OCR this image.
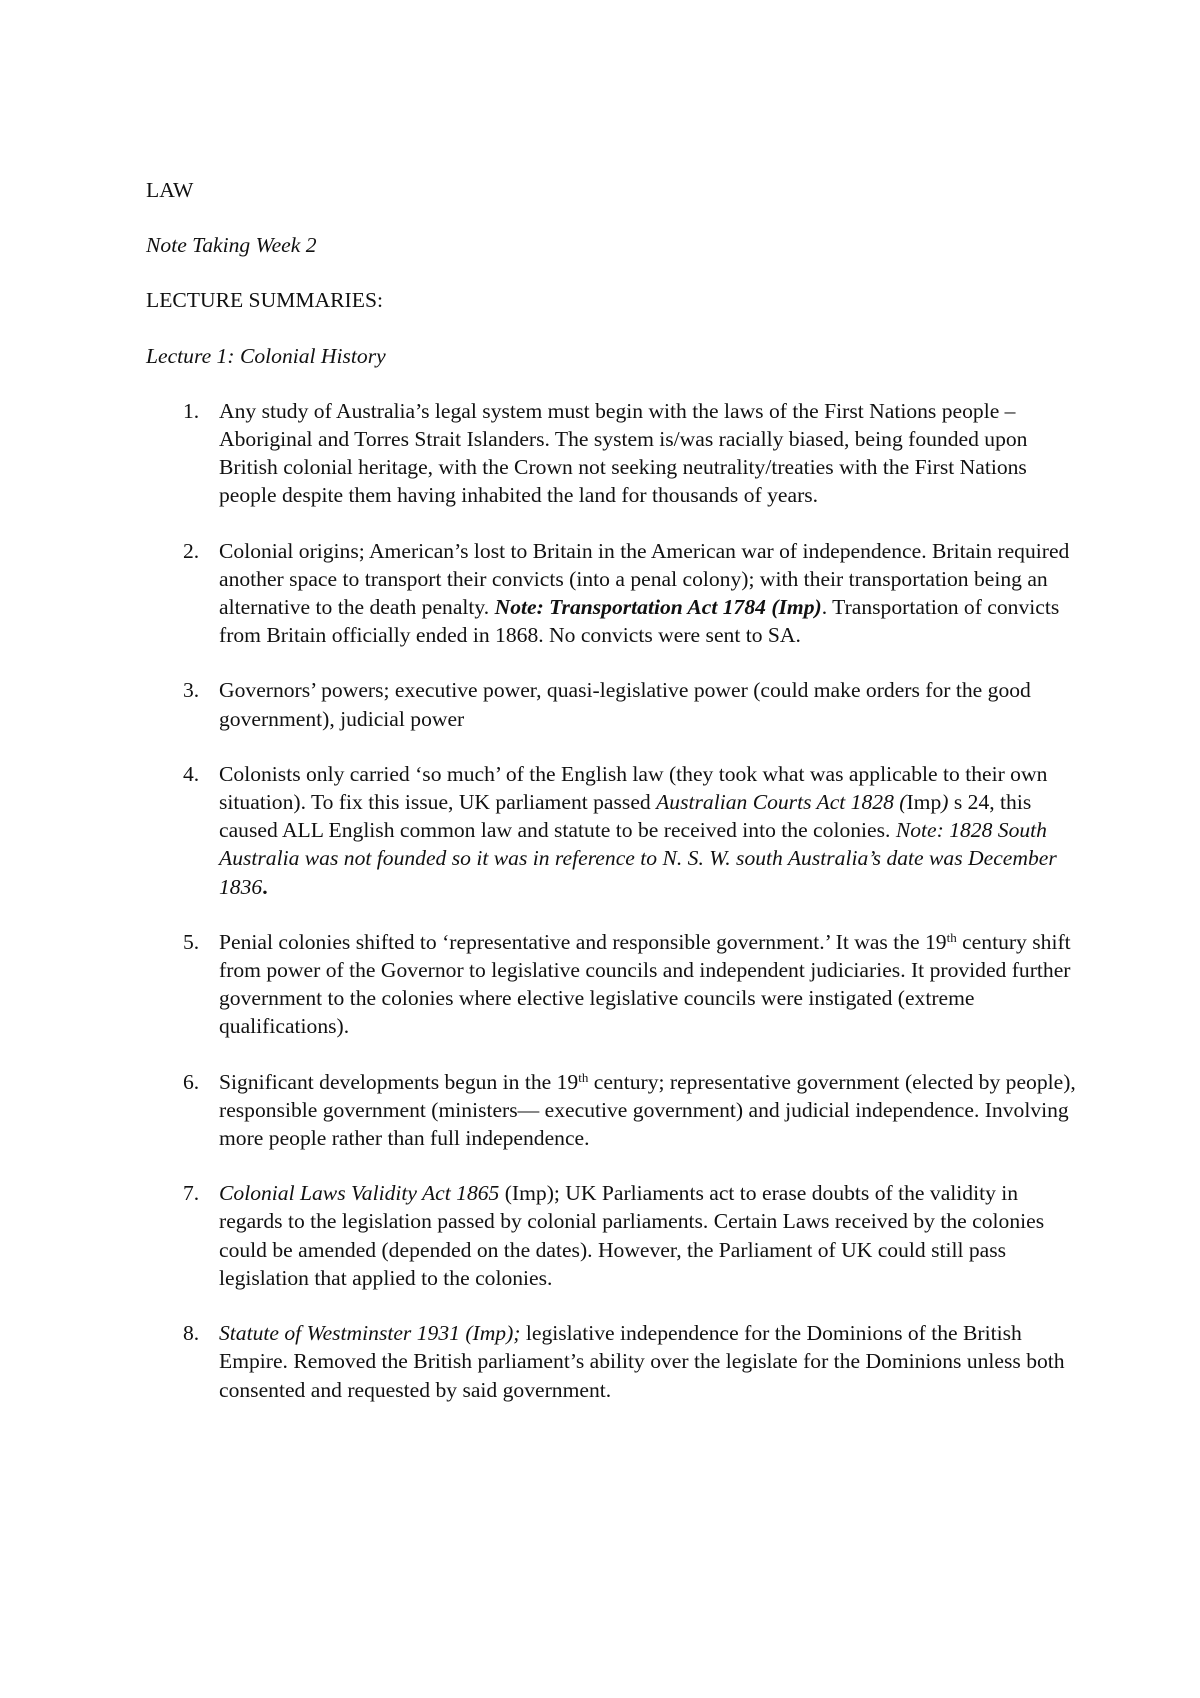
LAW

Note Taking Week 2

LECTURE SUMMARIES:

Lecture 1: Colonial History

1. Any study of Australia’s legal system must begin with the laws of the First Nations people – Aboriginal and Torres Strait Islanders. The system is/was racially biased, being founded upon British colonial heritage, with the Crown not seeking neutrality/treaties with the First Nations people despite them having inhabited the land for thousands of years.
2. Colonial origins; American’s lost to Britain in the American war of independence. Britain required another space to transport their convicts (into a penal colony); with their transportation being an alternative to the death penalty. Note: Transportation Act 1784 (Imp). Transportation of convicts from Britain officially ended in 1868. No convicts were sent to SA.
3. Governors’ powers; executive power, quasi-legislative power (could make orders for the good government), judicial power
4. Colonists only carried ‘so much’ of the English law (they took what was applicable to their own situation). To fix this issue, UK parliament passed Australian Courts Act 1828 (Imp) s 24, this caused ALL English common law and statute to be received into the colonies. Note: 1828 South Australia was not founded so it was in reference to N. S. W. south Australia’s date was December 1836.
5. Penial colonies shifted to ‘representative and responsible government.’ It was the 19th century shift from power of the Governor to legislative councils and independent judiciaries. It provided further government to the colonies where elective legislative councils were instigated (extreme qualifications).
6. Significant developments begun in the 19th century; representative government (elected by people), responsible government (ministers— executive government) and judicial independence. Involving more people rather than full independence.
7. Colonial Laws Validity Act 1865 (Imp); UK Parliaments act to erase doubts of the validity in regards to the legislation passed by colonial parliaments. Certain Laws received by the colonies could be amended (depended on the dates). However, the Parliament of UK could still pass legislation that applied to the colonies.
8. Statute of Westminster 1931 (Imp); legislative independence for the Dominions of the British Empire. Removed the British parliament’s ability over the legislate for the Dominions unless both consented and requested by said government.
